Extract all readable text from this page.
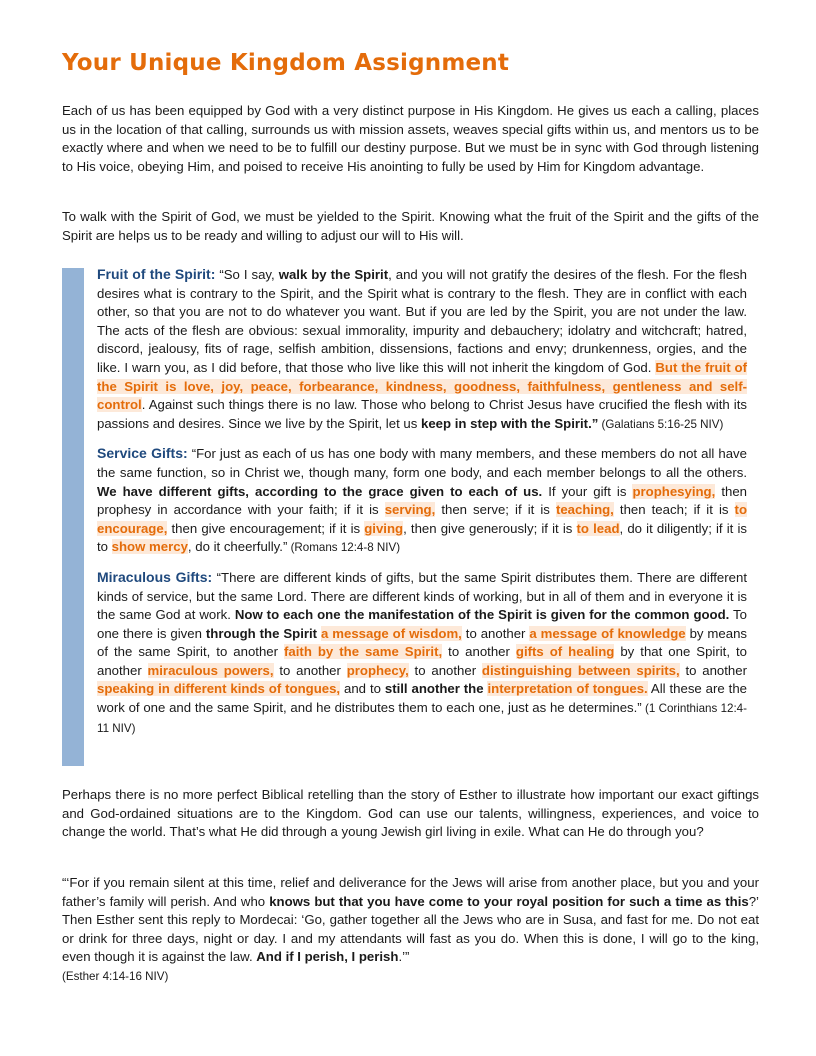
Your Unique Kingdom Assignment

Each of us has been equipped by God with a very distinct purpose in His Kingdom. He gives us each a calling, places us in the location of that calling, surrounds us with mission assets, weaves special gifts within us, and mentors us to be exactly where and when we need to be to fulfill our destiny purpose. But we must be in sync with God through listening to His voice, obeying Him, and poised to receive His anointing to fully be used by Him for Kingdom advantage.

To walk with the Spirit of God, we must be yielded to the Spirit. Knowing what the fruit of the Spirit and the gifts of the Spirit are helps us to be ready and willing to adjust our will to His will.

Fruit of the Spirit: “So I say, walk by the Spirit, and you will not gratify the desires of the flesh. For the flesh desires what is contrary to the Spirit, and the Spirit what is contrary to the flesh. They are in conflict with each other, so that you are not to do whatever you want. But if you are led by the Spirit, you are not under the law. The acts of the flesh are obvious: sexual immorality, impurity and debauchery; idolatry and witchcraft; hatred, discord, jealousy, fits of rage, selfish ambition, dissensions, factions and envy; drunkenness, orgies, and the like. I warn you, as I did before, that those who live like this will not inherit the kingdom of God. But the fruit of the Spirit is love, joy, peace, forbearance, kindness, goodness, faithfulness, gentleness and self-control. Against such things there is no law. Those who belong to Christ Jesus have crucified the flesh with its passions and desires. Since we live by the Spirit, let us keep in step with the Spirit.” (Galatians 5:16-25 NIV)

Service Gifts: “For just as each of us has one body with many members, and these members do not all have the same function, so in Christ we, though many, form one body, and each member belongs to all the others. We have different gifts, according to the grace given to each of us. If your gift is prophesying, then prophesy in accordance with your faith; if it is serving, then serve; if it is teaching, then teach; if it is to encourage, then give encouragement; if it is giving, then give generously; if it is to lead, do it diligently; if it is to show mercy, do it cheerfully.” (Romans 12:4-8 NIV)

Miraculous Gifts: “There are different kinds of gifts, but the same Spirit distributes them. There are different kinds of service, but the same Lord. There are different kinds of working, but in all of them and in everyone it is the same God at work. Now to each one the manifestation of the Spirit is given for the common good. To one there is given through the Spirit a message of wisdom, to another a message of knowledge by means of the same Spirit, to another faith by the same Spirit, to another gifts of healing by that one Spirit, to another miraculous powers, to another prophecy, to another distinguishing between spirits, to another speaking in different kinds of tongues, and to still another the interpretation of tongues. All these are the work of one and the same Spirit, and he distributes them to each one, just as he determines.” (1 Corinthians 12:4-11 NIV)

Perhaps there is no more perfect Biblical retelling than the story of Esther to illustrate how important our exact giftings and God-ordained situations are to the Kingdom. God can use our talents, willingness, experiences, and voice to change the world. That’s what He did through a young Jewish girl living in exile. What can He do through you?

“‘For if you remain silent at this time, relief and deliverance for the Jews will arise from another place, but you and your father’s family will perish. And who knows but that you have come to your royal position for such a time as this?’ Then Esther sent this reply to Mordecai: ‘Go, gather together all the Jews who are in Susa, and fast for me. Do not eat or drink for three days, night or day. I and my attendants will fast as you do. When this is done, I will go to the king, even though it is against the law. And if I perish, I perish.’”
(Esther 4:14-16 NIV)
